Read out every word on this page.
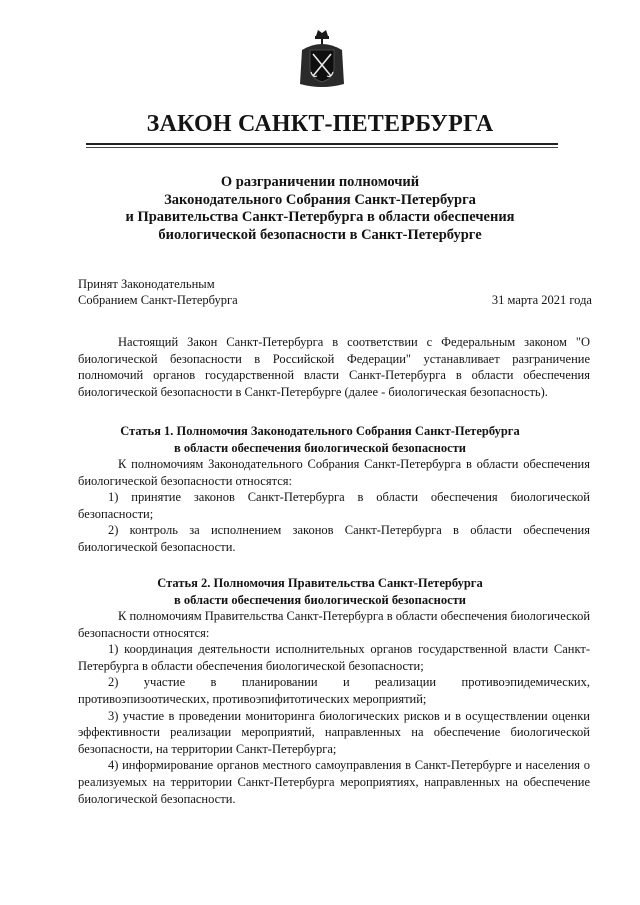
ЗАКОН САНКТ-ПЕТЕРБУРГА
О разграничении полномочий
Законодательного Собрания Санкт-Петербурга
и Правительства Санкт-Петербурга в области обеспечения
биологической безопасности в Санкт-Петербурге
Принят Законодательным
Собранием Санкт-Петербурга	31 марта 2021 года

Настоящий Закон Санкт-Петербурга в соответствии с Федеральным законом "О биологической безопасности в Российской Федерации" устанавливает разграничение полномочий органов государственной власти Санкт-Петербурга в области обеспечения биологической безопасности в Санкт-Петербурге (далее - биологическая безопасность).

Статья 1. Полномочия Законодательного Собрания Санкт-Петербурга
в области обеспечения биологической безопасности

К полномочиям Законодательного Собрания Санкт-Петербурга в области обеспечения биологической безопасности относятся:

1) принятие законов Санкт-Петербурга в области обеспечения биологической безопасности;

2) контроль за исполнением законов Санкт-Петербурга в области обеспечения биологической безопасности.

Статья 2. Полномочия Правительства Санкт-Петербурга
в области обеспечения биологической безопасности

К полномочиям Правительства Санкт-Петербурга в области обеспечения биологической безопасности относятся:

1) координация деятельности исполнительных органов государственной власти Санкт-Петербурга в области обеспечения биологической безопасности;

2) участие в планировании и реализации противоэпидемических, противоэпизоотических, противоэпифитотических мероприятий;

3) участие в проведении мониторинга биологических рисков и в осуществлении оценки эффективности реализации мероприятий, направленных на обеспечение биологической безопасности, на территории Санкт-Петербурга;

4) информирование органов местного самоуправления в Санкт-Петербурге и населения о реализуемых на территории Санкт-Петербурга мероприятиях, направленных на обеспечение биологической безопасности.
